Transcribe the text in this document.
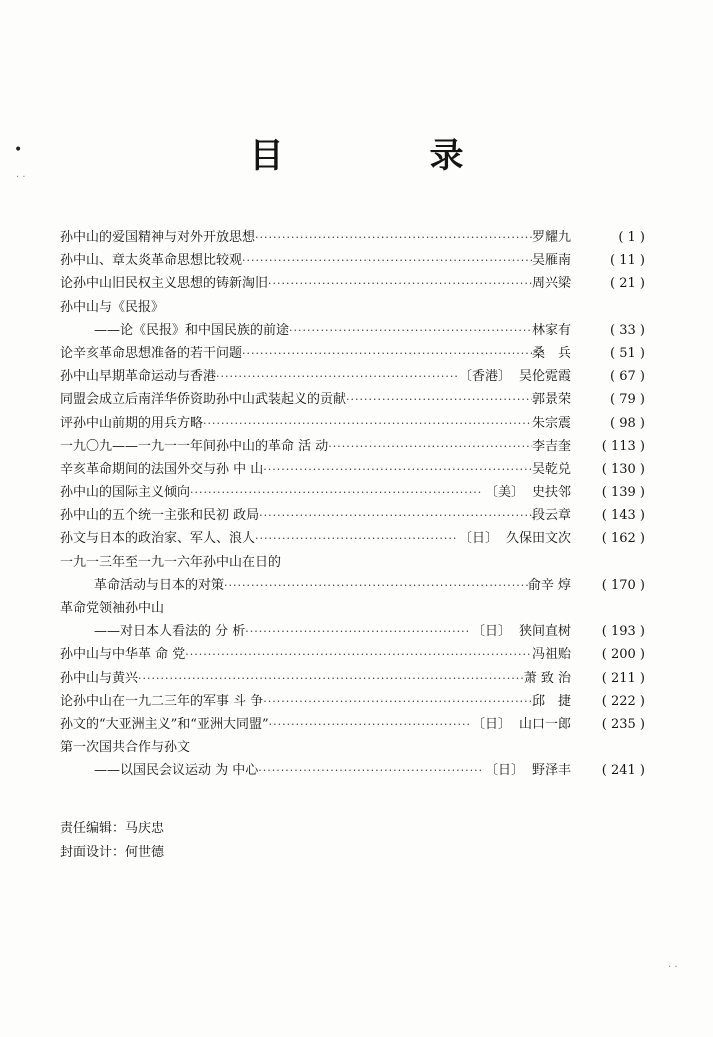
•
· ·
· ·
目　录
孙中山的爱国精神与对外开放思想 ·····	罗耀九	( 1 )
孙中山、章太炎革命思想比较观 ·····	吴雁南	( 11 )
论孙中山旧民权主义思想的铸新淘旧 ·····	周兴梁	( 21 )
孙中山与《民报》
——论《民报》和中国民族的前途 ·····	林家有	( 33 )
论辛亥革命思想准备的若干问题 ·····	桑　兵	( 51 )
孙中山早期革命运动与香港 ·····	〔香港〕 吴伦霓霞	( 67 )
同盟会成立后南洋华侨资助孙中山武装起义的贡献 ·····	郭景荣	( 79 )
评孙中山前期的用兵方略 ·····	朱宗震	( 98 )
一九〇九——一九一一年间孙中山的革命 活 动 ·····	李吉奎	( 113 )
辛亥革命期间的法国外交与孙 中 山 ·····	吴乾兑	( 130 )
孙中山的国际主义倾向 ·····	〔美〕 史扶邻	( 139 )
孙中山的五个统一主张和民初 政局 ·····	段云章	( 143 )
孙文与日本的政治家、军人、浪人 ·····	〔日〕 久保田文次	( 162 )
一九一三年至一九一六年孙中山在日的
革命活动与日本的对策 ·····	俞辛 焞	( 170 )
革命党领袖孙中山
——对日本人看法的 分 析 ·····	〔日〕 狭间直树	( 193 )
孙中山与中华革 命 党 ·····	冯祖贻	( 200 )
孙中山与黄兴 ·····	萧 致 治	( 211 )
论孙中山在一九二三年的军事 斗 争 ·····	邱　捷	( 222 )
孙文的“大亚洲主义”和“亚洲大同盟” ·····	〔日〕 山口一郎	( 235 )
第一次国共合作与孙文
——以国民会议运动 为 中心 ·····	〔日〕 野泽丰	( 241 )
责任编辑：马庆忠
封面设计：何世德
